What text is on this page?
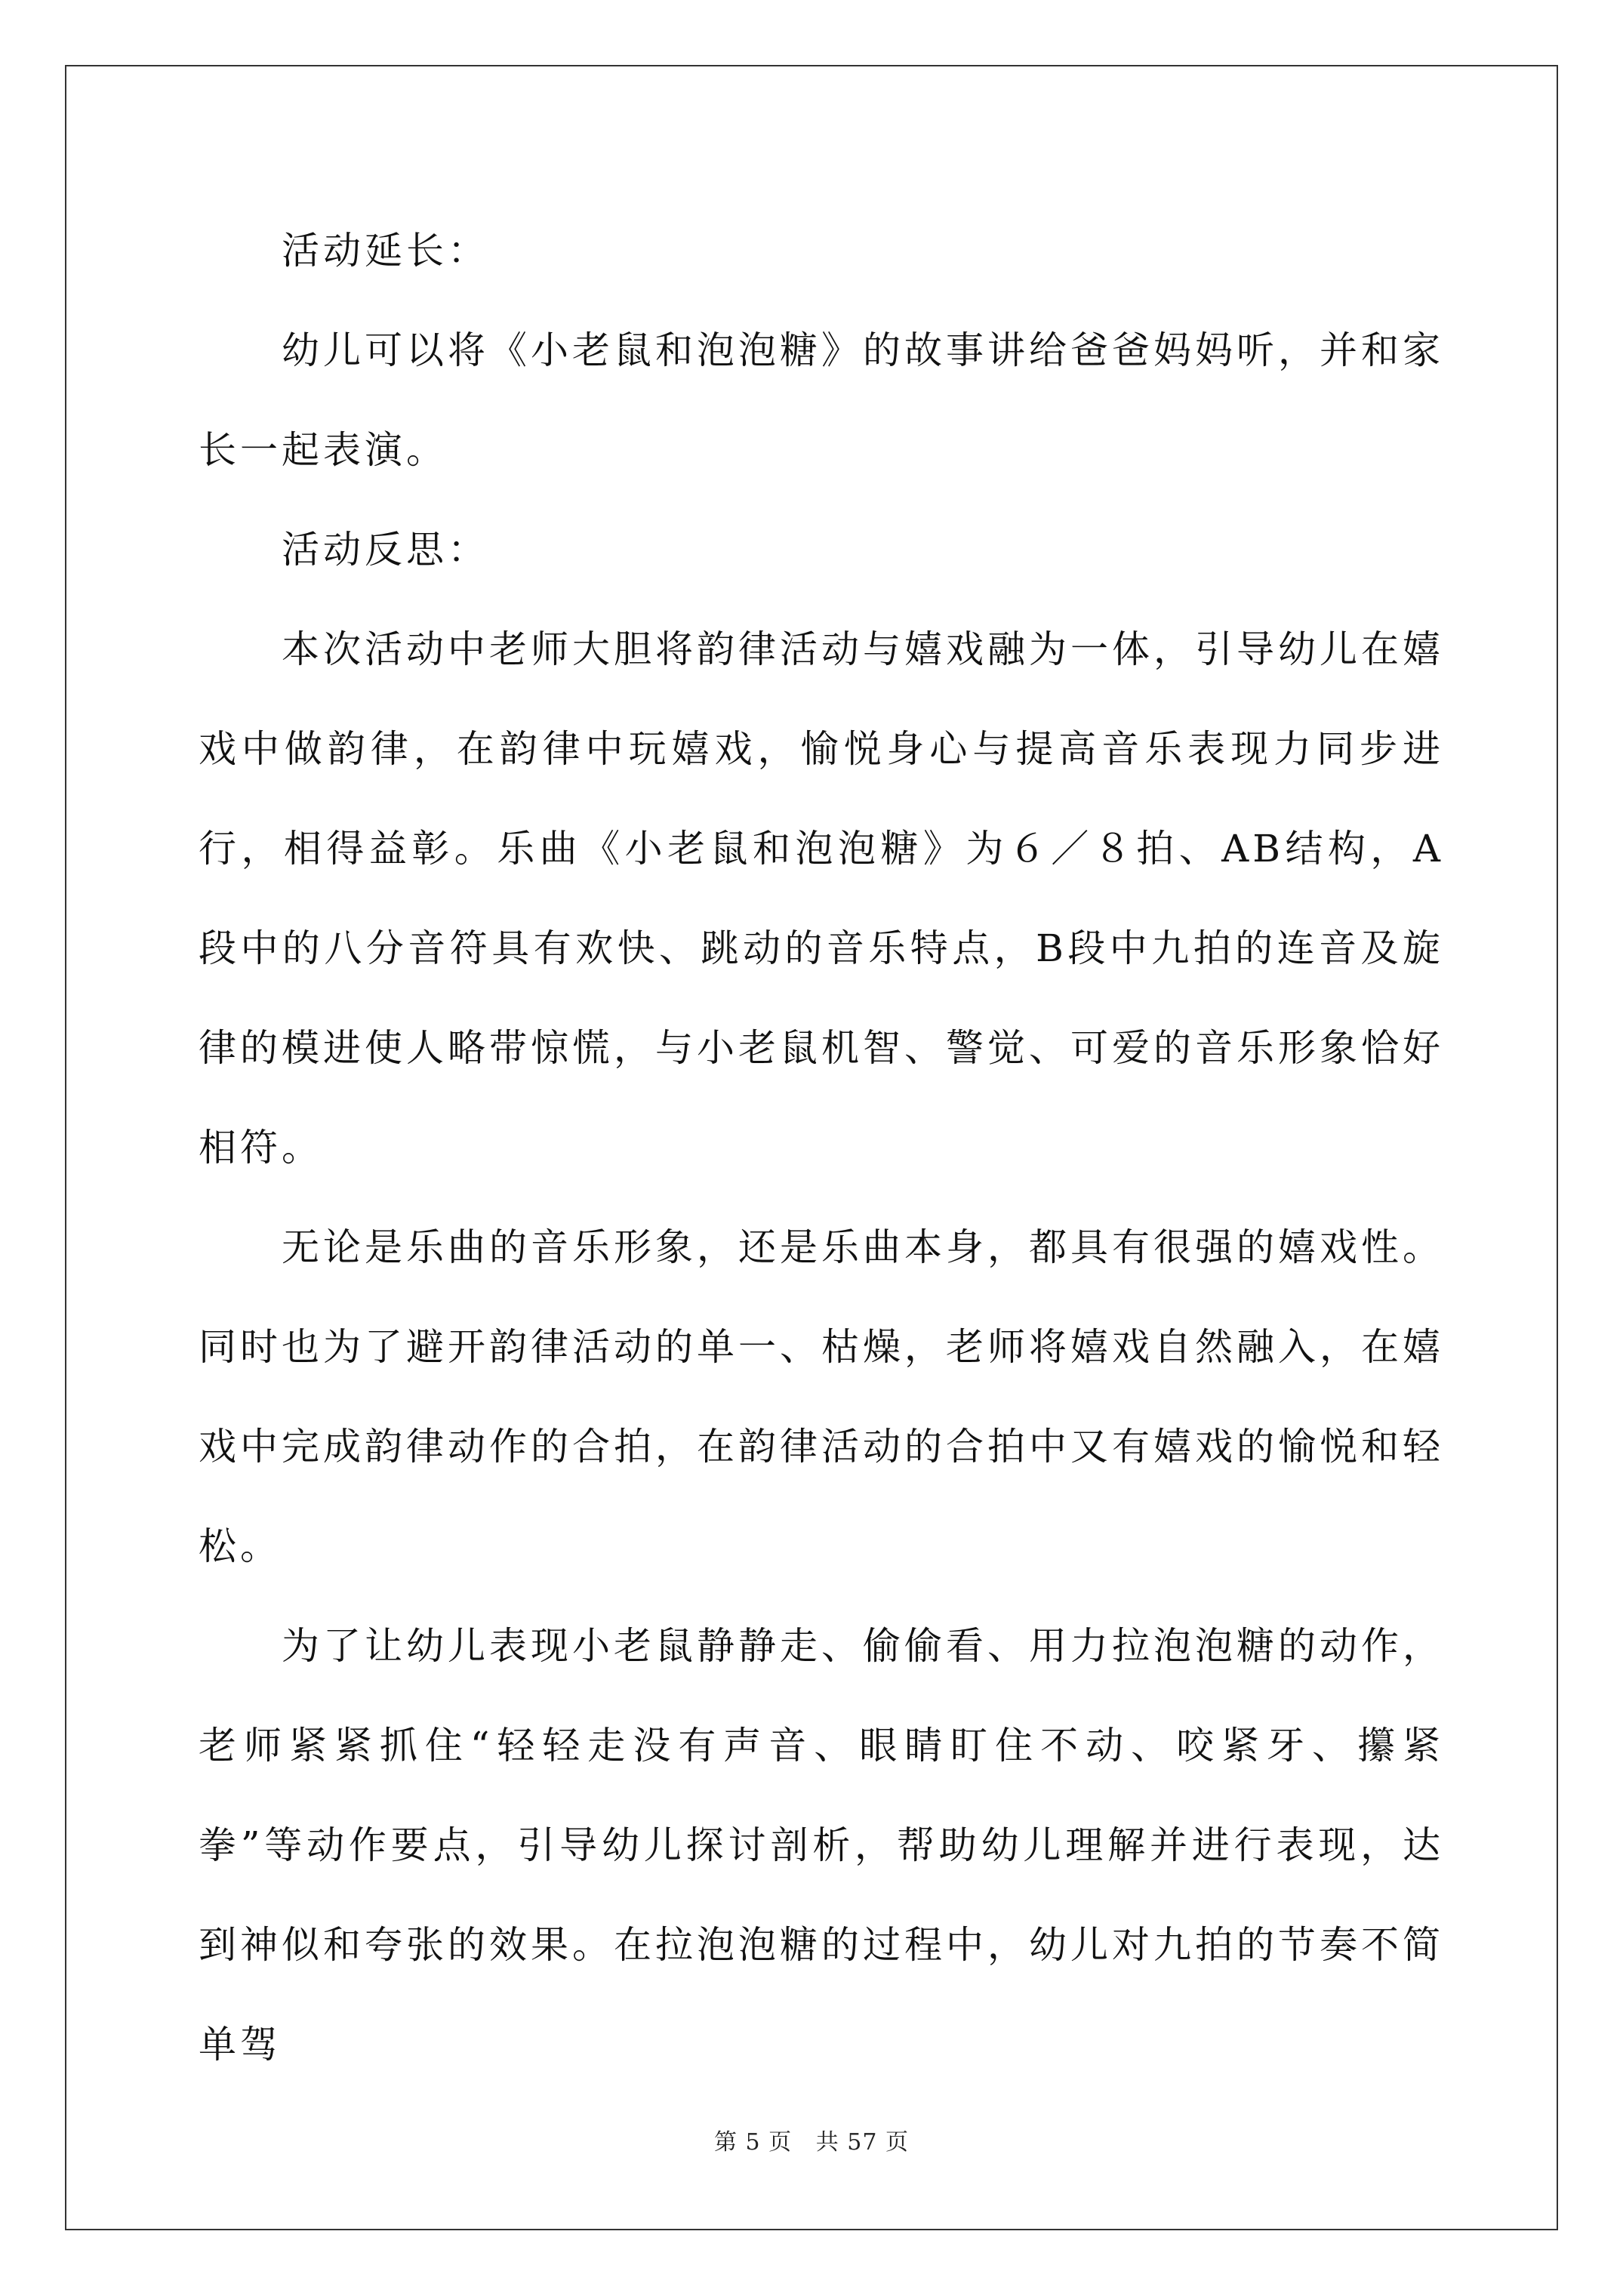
活动延长：

幼儿可以将《小老鼠和泡泡糖》的故事讲给爸爸妈妈听，并和家长一起表演。

活动反思：

本次活动中老师大胆将韵律活动与嬉戏融为一体，引导幼儿在嬉戏中做韵律，在韵律中玩嬉戏，愉悦身心与提高音乐表现力同步进行，相得益彰。乐曲《小老鼠和泡泡糖》为６／８拍、AB结构，A段中的八分音符具有欢快、跳动的音乐特点，B段中九拍的连音及旋律的模进使人略带惊慌，与小老鼠机智、警觉、可爱的音乐形象恰好相符。

无论是乐曲的音乐形象，还是乐曲本身，都具有很强的嬉戏性。同时也为了避开韵律活动的单一、枯燥，老师将嬉戏自然融入，在嬉戏中完成韵律动作的合拍，在韵律活动的合拍中又有嬉戏的愉悦和轻松。

为了让幼儿表现小老鼠静静走、偷偷看、用力拉泡泡糖的动作，老师紧紧抓住“轻轻走没有声音、眼睛盯住不动、咬紧牙、攥紧拳”等动作要点，引导幼儿探讨剖析，帮助幼儿理解并进行表现，达到神似和夸张的效果。在拉泡泡糖的过程中，幼儿对九拍的节奏不简单驾

第 5 页   共 57 页
